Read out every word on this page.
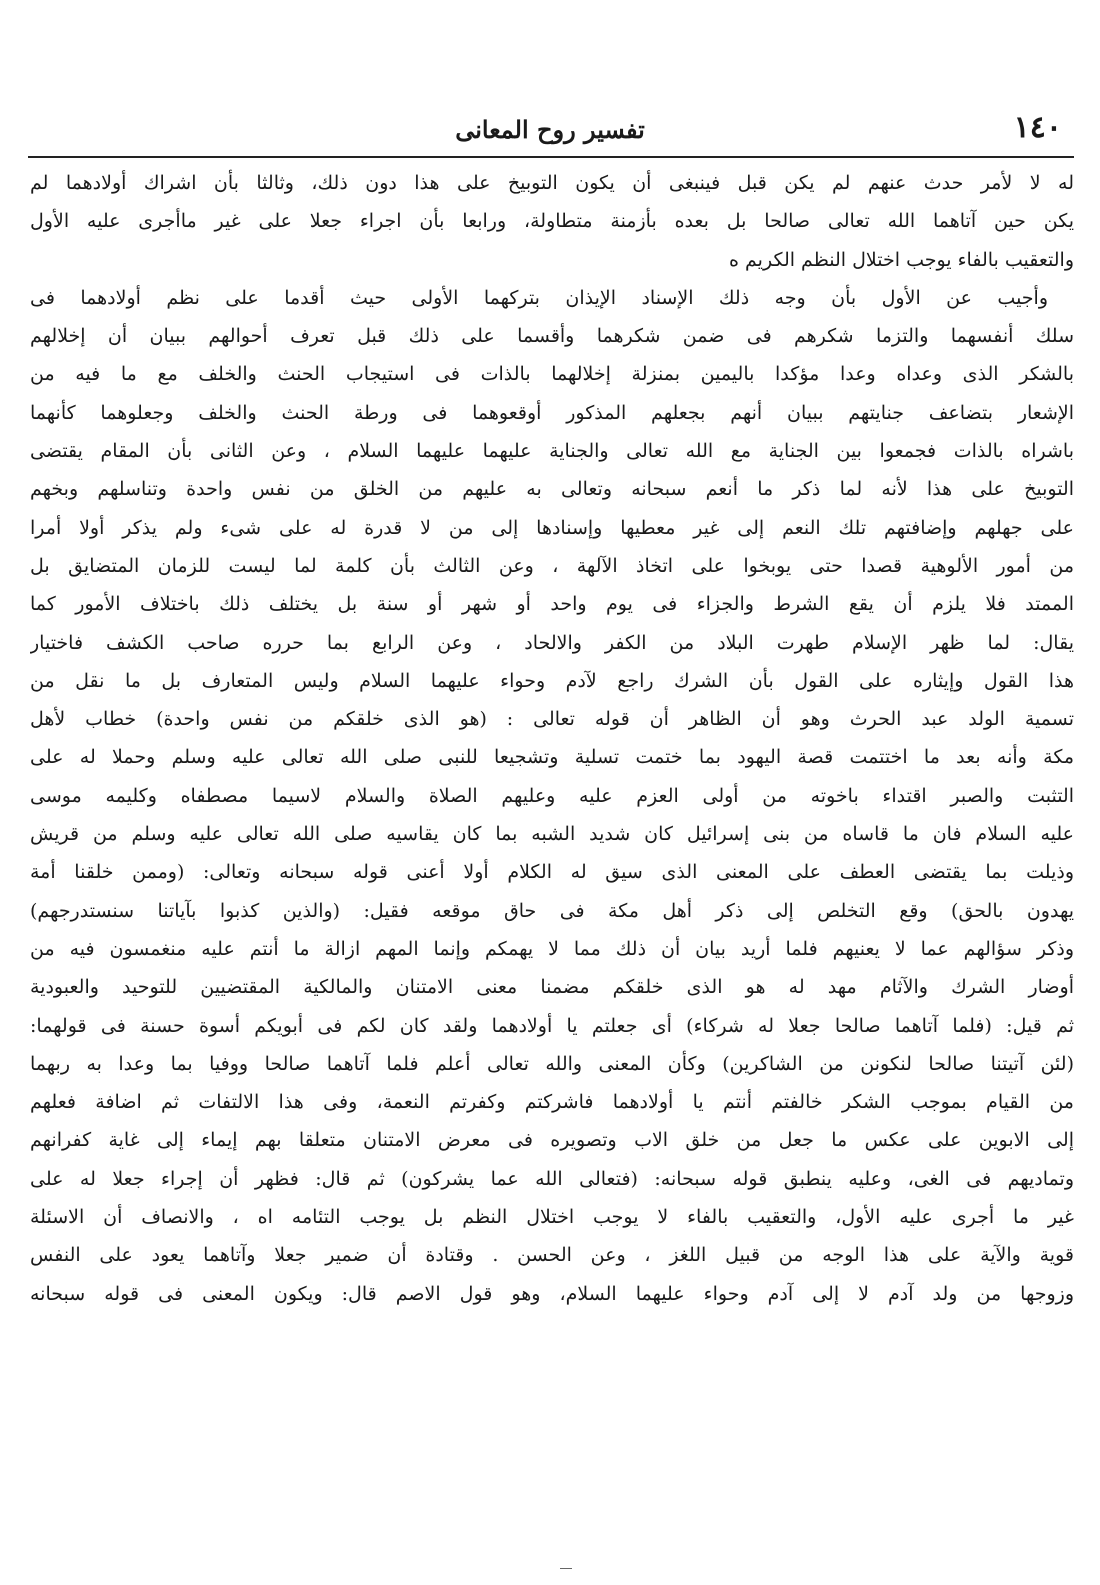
١٤٠
تفسير روح المعانى
له لا لأمر حدث عنهم لم يكن قبل فينبغى أن يكون التوبيخ على هذا دون ذلك، وثالثا بأن اشراك أولادهما لم
يكن حين آتاهما الله تعالى صالحا بل بعده بأزمنة متطاولة، ورابعا بأن اجراء جعلا على غير ماأجرى عليه الأول
والتعقيب بالفاء يوجب اختلال النظم الكريم ه
وأجيب عن الأول بأن وجه ذلك الإسناد الإيذان بتركهما الأولى حيث أقدما على نظم أولادهما فى
سلك أنفسهما والتزما شكرهم فى ضمن شكرهما وأقسما على ذلك قبل تعرف أحوالهم ببيان أن إخلالهم
بالشكر الذى وعداه وعدا مؤكدا باليمين بمنزلة إخلالهما بالذات فى استيجاب الحنث والخلف مع ما فيه من
الإشعار بتضاعف جنايتهم ببيان أنهم بجعلهم المذكور أوقعوهما فى ورطة الحنث والخلف وجعلوهما كأنهما
باشراه بالذات فجمعوا بين الجناية مع الله تعالى والجناية عليهما عليهما السلام ، وعن الثانى بأن المقام يقتضى
التوبيخ على هذا لأنه لما ذكر ما أنعم سبحانه وتعالى به عليهم من الخلق من نفس واحدة وتناسلهم وبخهم
على جهلهم وإضافتهم تلك النعم إلى غير معطيها وإسنادها إلى من لا قدرة له على شىء ولم يذكر أولا أمرا
من أمور الألوهية قصدا حتى يوبخوا على اتخاذ الآلهة ، وعن الثالث بأن كلمة لما ليست للزمان المتضايق بل
الممتد فلا يلزم أن يقع الشرط والجزاء فى يوم واحد أو شهر أو سنة بل يختلف ذلك باختلاف الأمور كما
يقال: لما ظهر الإسلام طهرت البلاد من الكفر والالحاد ، وعن الرابع بما حرره صاحب الكشف فاختيار
هذا القول وإيثاره على القول بأن الشرك راجع لآدم وحواء عليهما السلام وليس المتعارف بل ما نقل من
تسمية الولد عبد الحرث وهو أن الظاهر أن قوله تعالى : (هو الذى خلقكم من نفس واحدة) خطاب لأهل
مكة وأنه بعد ما اختتمت قصة اليهود بما ختمت تسلية وتشجيعا للنبى صلى الله تعالى عليه وسلم وحملا له على
التثبت والصبر اقتداء باخوته من أولى العزم عليه وعليهم الصلاة والسلام لاسيما مصطفاه وكليمه موسى
عليه السلام فان ما قاساه من بنى إسرائيل كان شديد الشبه بما كان يقاسيه صلى الله تعالى عليه وسلم من قريش
وذيلت بما يقتضى العطف على المعنى الذى سيق له الكلام أولا أعنى قوله سبحانه وتعالى: (وممن خلقنا أمة
يهدون بالحق) وقع التخلص إلى ذكر أهل مكة فى حاق موقعه فقيل: (والذين كذبوا بآياتنا سنستدرجهم)
وذكر سؤالهم عما لا يعنيهم فلما أريد بيان أن ذلك مما لا يهمكم وإنما المهم ازالة ما أنتم عليه منغمسون فيه من
أوضار الشرك والآثام مهد له هو الذى خلقكم مضمنا معنى الامتنان والمالكية المقتضيين للتوحيد والعبودية
ثم قيل: (فلما آتاهما صالحا جعلا له شركاء) أى جعلتم يا أولادهما ولقد كان لكم فى أبويكم أسوة حسنة فى قولهما:
(لئن آتيتنا صالحا لنكونن من الشاكرين) وكأن المعنى والله تعالى أعلم فلما آتاهما صالحا ووفيا بما وعدا به ربهما
من القيام بموجب الشكر خالفتم أنتم يا أولادهما فاشركتم وكفرتم النعمة، وفى هذا الالتفات ثم اضافة فعلهم
إلى الابوين على عكس ما جعل من خلق الاب وتصويره فى معرض الامتنان متعلقا بهم إيماء إلى غاية كفرانهم
وتماديهم فى الغى، وعليه ينطبق قوله سبحانه: (فتعالى الله عما يشركون) ثم قال: فظهر أن إجراء جعلا له على
غير ما أجرى عليه الأول، والتعقيب بالفاء لا يوجب اختلال النظم بل يوجب التئامه اه ، والانصاف أن الاسئلة
قوية والآية على هذا الوجه من قبيل اللغز ، وعن الحسن . وقتادة أن ضمير جعلا وآتاهما يعود على النفس
وزوجها من ولد آدم لا إلى آدم وحواء عليهما السلام، وهو قول الاصم قال: ويكون المعنى فى قوله سبحانه
